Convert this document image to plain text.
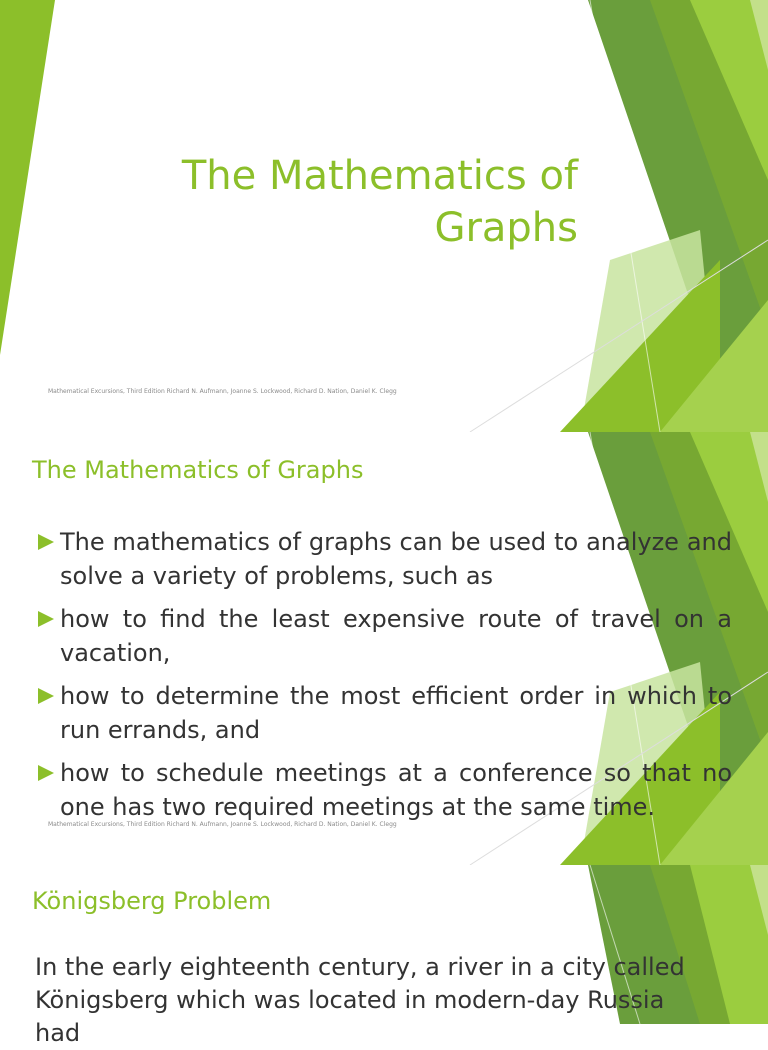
The Mathematics of
Graphs
Mathematical Excursions, Third Edition Richard N. Aufmann, Joanne S. Lockwood, Richard D. Nation, Daniel K. Clegg
The Mathematics of Graphs
The mathematics of graphs can be used to analyze and solve a variety of problems, such as
how to find the least expensive route of travel on a vacation,
how to determine the most efficient order in which to run errands, and
how to schedule meetings at a conference so that no one has two required meetings at the same time.
Mathematical Excursions, Third Edition Richard N. Aufmann, Joanne S. Lockwood, Richard D. Nation, Daniel K. Clegg
Königsberg Problem

In the early eighteenth century, a river in a city called Königsberg which was located in modern-day Russia had
